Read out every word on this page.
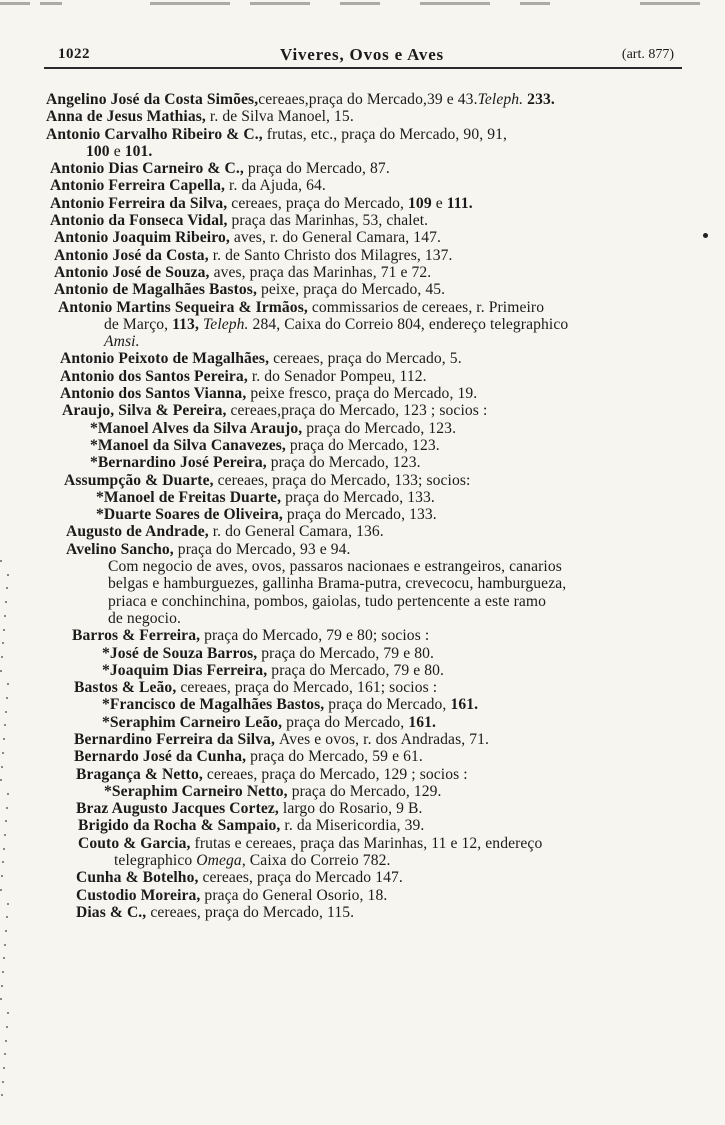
1022	Viveres, Ovos e Aves	(art. 877)
Angelino José da Costa Simões,cereaes,praça do Mercado,39 e 43.Teleph. 233.
Anna de Jesus Mathias, r. de Silva Manoel, 15.
Antonio Carvalho Ribeiro & C., frutas, etc., praça do Mercado, 90, 91,
100 e 101.
Antonio Dias Carneiro & C., praça do Mercado, 87.
Antonio Ferreira Capella, r. da Ajuda, 64.
Antonio Ferreira da Silva, cereaes, praça do Mercado, 109 e 111.
Antonio da Fonseca Vidal, praça das Marinhas, 53, chalet.
Antonio Joaquim Ribeiro, aves, r. do General Camara, 147.
Antonio José da Costa, r. de Santo Christo dos Milagres, 137.
Antonio José de Souza, aves, praça das Marinhas, 71 e 72.
Antonio de Magalhães Bastos, peixe, praça do Mercado, 45.
Antonio Martins Sequeira & Irmãos, commissarios de cereaes, r. Primeiro
de Março, 113, Teleph. 284, Caixa do Correio 804, endereço telegraphico
Amsi.
Antonio Peixoto de Magalhães, cereaes, praça do Mercado, 5.
Antonio dos Santos Pereira, r. do Senador Pompeu, 112.
Antonio dos Santos Vianna, peixe fresco, praça do Mercado, 19.
Araujo, Silva & Pereira, cereaes,praça do Mercado, 123 ; socios :
*Manoel Alves da Silva Araujo, praça do Mercado, 123.
*Manoel da Silva Canavezes, praça do Mercado, 123.
*Bernardino José Pereira, praça do Mercado, 123.
Assumpção & Duarte, cereaes, praça do Mercado, 133; socios:
*Manoel de Freitas Duarte, praça do Mercado, 133.
*Duarte Soares de Oliveira, praça do Mercado, 133.
Augusto de Andrade, r. do General Camara, 136.
Avelino Sancho, praça do Mercado, 93 e 94.
Com negocio de aves, ovos, passaros nacionaes e estrangeiros, canarios
belgas e hamburguezes, gallinha Brama-putra, crevecocu, hamburgueza,
priaca e conchinchina, pombos, gaiolas, tudo pertencente a este ramo
de negocio.
Barros & Ferreira, praça do Mercado, 79 e 80; socios :
*José de Souza Barros, praça do Mercado, 79 e 80.
*Joaquim Dias Ferreira, praça do Mercado, 79 e 80.
Bastos & Leão, cereaes, praça do Mercado, 161; socios :
*Francisco de Magalhães Bastos, praça do Mercado, 161.
*Seraphim Carneiro Leão, praça do Mercado, 161.
Bernardino Ferreira da Silva, Aves e ovos, r. dos Andradas, 71.
Bernardo José da Cunha, praça do Mercado, 59 e 61.
Bragança & Netto, cereaes, praça do Mercado, 129 ; socios :
*Seraphim Carneiro Netto, praça do Mercado, 129.
Braz Augusto Jacques Cortez, largo do Rosario, 9 B.
Brigido da Rocha & Sampaio, r. da Misericordia, 39.
Couto & Garcia, frutas e cereaes, praça das Marinhas, 11 e 12, endereço
telegraphico Omega, Caixa do Correio 782.
Cunha & Botelho, cereaes, praça do Mercado 147.
Custodio Moreira, praça do General Osorio, 18.
Dias & C., cereaes, praça do Mercado, 115.
